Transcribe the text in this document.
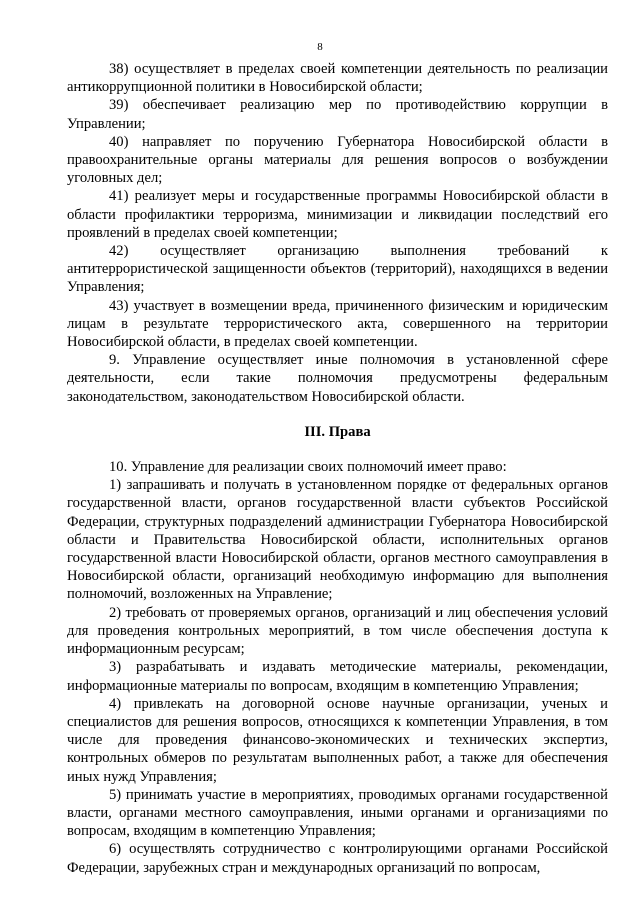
8

38) осуществляет в пределах своей компетенции деятельность по реализации антикоррупционной политики в Новосибирской области;

39) обеспечивает реализацию мер по противодействию коррупции в Управлении;

40) направляет по поручению Губернатора Новосибирской области в правоохранительные органы материалы для решения вопросов о возбуждении уголовных дел;

41) реализует меры и государственные программы Новосибирской области в области профилактики терроризма, минимизации и ликвидации последствий его проявлений в пределах своей компетенции;

42) осуществляет организацию выполнения требований к антитеррористической защищенности объектов (территорий), находящихся в ведении Управления;

43) участвует в возмещении вреда, причиненного физическим и юридическим лицам в результате террористического акта, совершенного на территории Новосибирской области, в пределах своей компетенции.

9. Управление осуществляет иные полномочия в установленной сфере деятельности, если такие полномочия предусмотрены федеральным законодательством, законодательством Новосибирской области.

III. Права

10. Управление для реализации своих полномочий имеет право:

1) запрашивать и получать в установленном порядке от федеральных органов государственной власти, органов государственной власти субъектов Российской Федерации, структурных подразделений администрации Губернатора Новосибирской области и Правительства Новосибирской области, исполнительных органов государственной власти Новосибирской области, органов местного самоуправления в Новосибирской области, организаций необходимую информацию для выполнения полномочий, возложенных на Управление;

2) требовать от проверяемых органов, организаций и лиц обеспечения условий для проведения контрольных мероприятий, в том числе обеспечения доступа к информационным ресурсам;

3) разрабатывать и издавать методические материалы, рекомендации, информационные материалы по вопросам, входящим в компетенцию Управления;

4) привлекать на договорной основе научные организации, ученых и специалистов для решения вопросов, относящихся к компетенции Управления, в том числе для проведения финансово-экономических и технических экспертиз, контрольных обмеров по результатам выполненных работ, а также для обеспечения иных нужд Управления;

5) принимать участие в мероприятиях, проводимых органами государственной власти, органами местного самоуправления, иными органами и организациями по вопросам, входящим в компетенцию Управления;

6) осуществлять сотрудничество с контролирующими органами Российской Федерации, зарубежных стран и международных организаций по вопросам,
